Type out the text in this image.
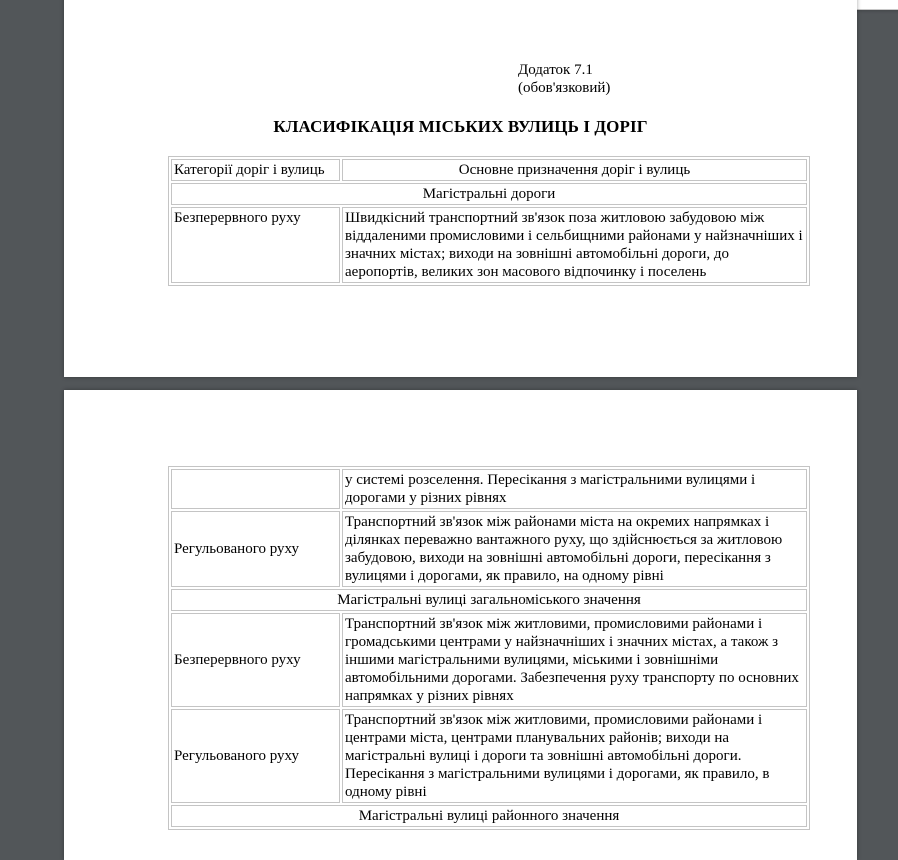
Додаток 7.1
(обов'язковий)
КЛАСИФІКАЦІЯ МІСЬКИХ ВУЛИЦЬ І ДОРІГ
Категорії доріг і вулиць	Основне призначення доріг і вулиць
Магістральні дороги	
Безперервного руху	Швидкісний транспортний зв'язок поза житловою забудовою між віддаленими промисловими і сельбищними районами у найзначніших і значних містах; виходи на зовнішні автомобільні дороги, до аеропортів, великих зон масового відпочинку і поселень
	у системі розселення. Пересікання з магістральними вулицями і дорогами у різних рівнях
Регульованого руху	Транспортний зв'язок між районами міста на окремих напрямках і ділянках переважно вантажного руху, що здійснюється за житловою забудовою, виходи на зовнішні автомобільні дороги, пересікання з вулицями і дорогами, як правило, на одному рівні
Магістральні вулиці загальноміського значення	
Безперервного руху	Транспортний зв'язок між житловими, промисловими районами і громадськими центрами у найзначніших і значних містах, а також з іншими магістральними вулицями, міськими і зовнішніми автомобільними дорогами. Забезпечення руху транспорту по основних напрямках у різних рівнях
Регульованого руху	Транспортний зв'язок між житловими, промисловими районами і центрами міста, центрами планувальних районів; виходи на магістральні вулиці і дороги та зовнішні автомобільні дороги. Пересікання з магістральними вулицями і дорогами, як правило, в одному рівні
Магістральні вулиці районного значення	
